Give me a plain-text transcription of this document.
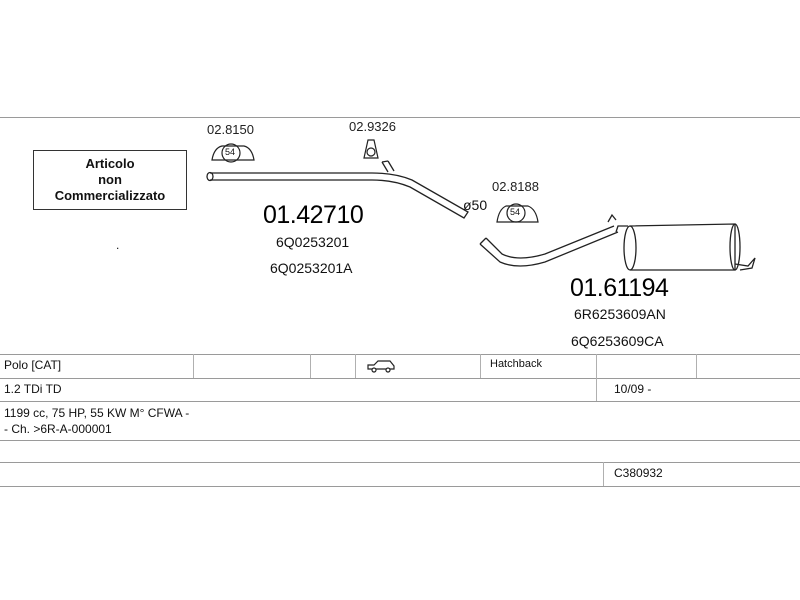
Articolo
non
Commercializzato
.
02.8150
54
02.9326
02.8188
54
ø50
01.42710
6Q0253201
6Q0253201A
01.61194
6R6253609AN
6Q6253609CA
Polo [CAT]	Hatchback
1.2 TDi TD	10/09 -
1199 cc, 75 HP, 55 KW M° CFWA -
- Ch. >6R-A-000001
C380932
